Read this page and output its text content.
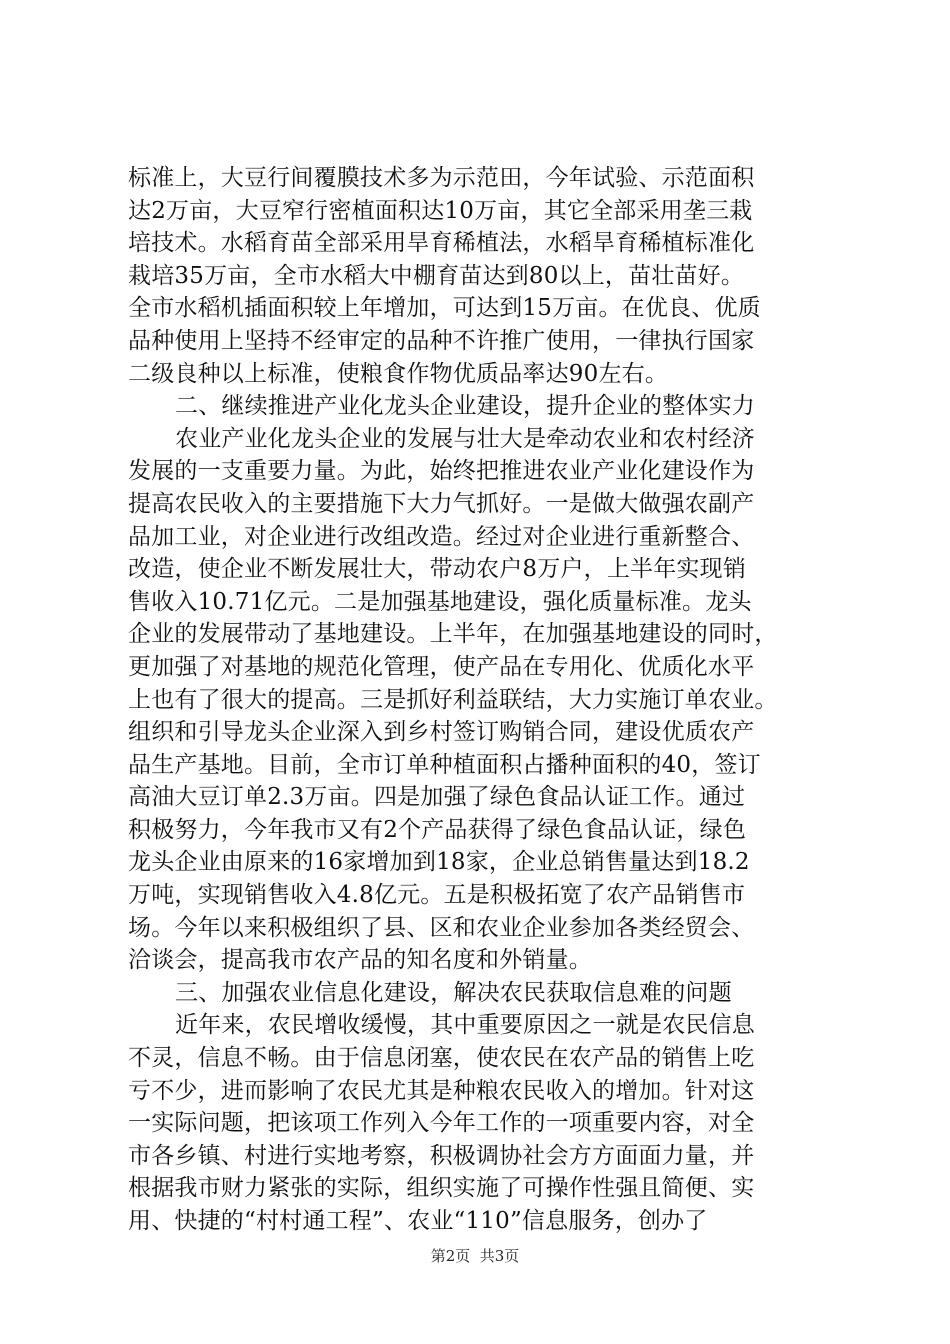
标准上，大豆行间覆膜技术多为示范田，今年试验、示范面积
达2万亩，大豆窄行密植面积达10万亩，其它全部采用垄三栽
培技术。水稻育苗全部采用旱育稀植法，水稻旱育稀植标准化
栽培35万亩，全市水稻大中棚育苗达到80以上，苗壮苗好。
全市水稻机插面积较上年增加，可达到15万亩。在优良、优质
品种使用上坚持不经审定的品种不许推广使用，一律执行国家
二级良种以上标准，使粮食作物优质品率达90左右。
二、继续推进产业化龙头企业建设，提升企业的整体实力
农业产业化龙头企业的发展与壮大是牵动农业和农村经济
发展的一支重要力量。为此，始终把推进农业产业化建设作为
提高农民收入的主要措施下大力气抓好。一是做大做强农副产
品加工业，对企业进行改组改造。经过对企业进行重新整合、
改造，使企业不断发展壮大，带动农户8万户，上半年实现销
售收入10.71亿元。二是加强基地建设，强化质量标准。龙头
企业的发展带动了基地建设。上半年，在加强基地建设的同时，
更加强了对基地的规范化管理，使产品在专用化、优质化水平
上也有了很大的提高。三是抓好利益联结，大力实施订单农业。
组织和引导龙头企业深入到乡村签订购销合同，建设优质农产
品生产基地。目前，全市订单种植面积占播种面积的40，签订
高油大豆订单2.3万亩。四是加强了绿色食品认证工作。通过
积极努力，今年我市又有2个产品获得了绿色食品认证，绿色
龙头企业由原来的16家增加到18家，企业总销售量达到18.2
万吨，实现销售收入4.8亿元。五是积极拓宽了农产品销售市
场。今年以来积极组织了县、区和农业企业参加各类经贸会、
洽谈会，提高我市农产品的知名度和外销量。
三、加强农业信息化建设，解决农民获取信息难的问题
近年来，农民增收缓慢，其中重要原因之一就是农民信息
不灵，信息不畅。由于信息闭塞，使农民在农产品的销售上吃
亏不少，进而影响了农民尤其是种粮农民收入的增加。针对这
一实际问题，把该项工作列入今年工作的一项重要内容，对全
市各乡镇、村进行实地考察，积极调协社会方方面面力量，并
根据我市财力紧张的实际，组织实施了可操作性强且简便、实
用、快捷的“村村通工程”、农业“110”信息服务，创办了
第2页  共3页
